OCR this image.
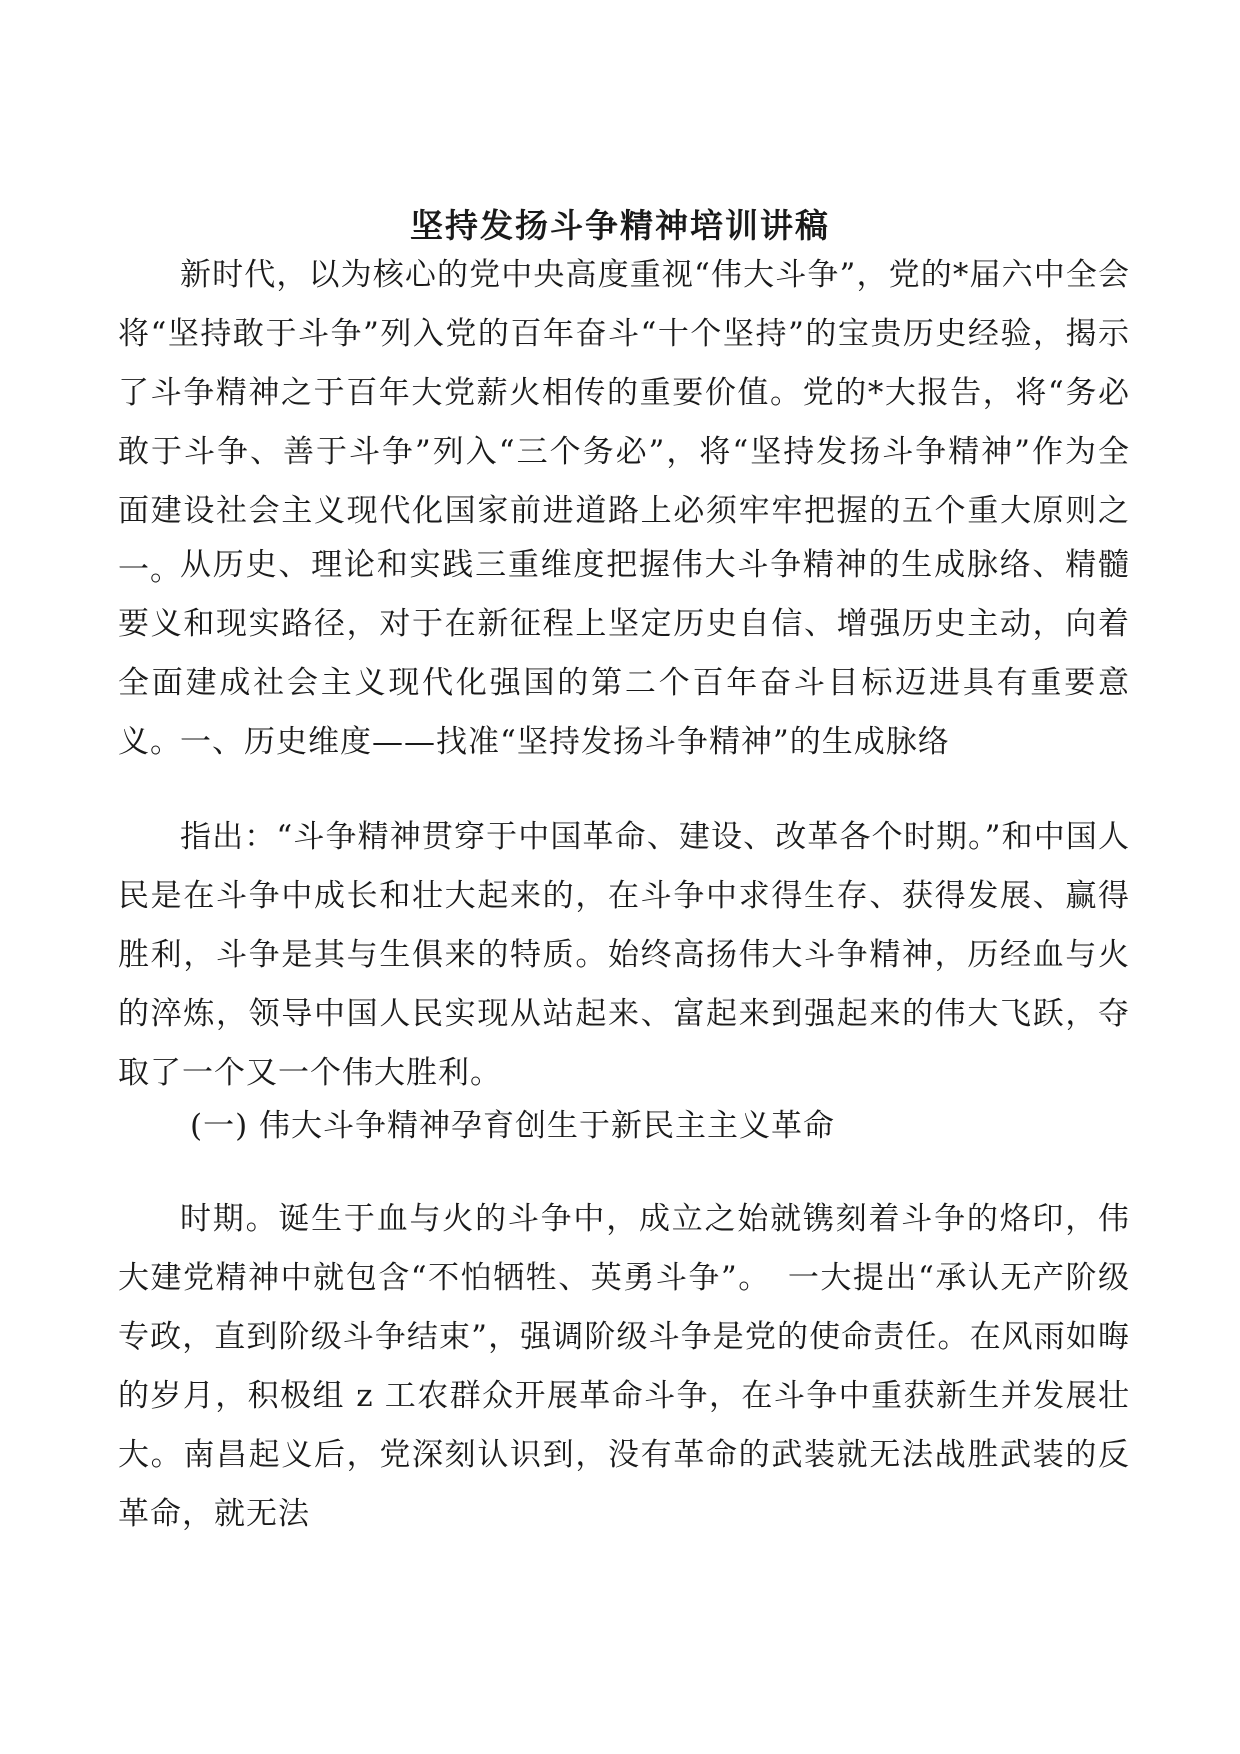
坚持发扬斗争精神培训讲稿

新时代，以为核心的党中央高度重视“伟大斗争”，党的*届六中全会将“坚持敢于斗争”列入党的百年奋斗“十个坚持”的宝贵历史经验，揭示了斗争精神之于百年大党薪火相传的重要价值。党的*大报告，将“务必敢于斗争、善于斗争”列入“三个务必”，将“坚持发扬斗争精神”作为全面建设社会主义现代化国家前进道路上必须牢牢把握的五个重大原则之一。

从历史、理论和实践三重维度把握伟大斗争精神的生成脉络、精髓要义和现实路径，对于在新征程上坚定历史自信、增强历史主动，向着全面建成社会主义现代化强国的第二个百年奋斗目标迈进具有重要意义。

一、历史维度——找准“坚持发扬斗争精神”的生成脉络

指出：“斗争精神贯穿于中国革命、建设、改革各个时期。”和中国人民是在斗争中成长和壮大起来的，在斗争中求得生存、获得发展、赢得胜利，斗争是其与生俱来的特质。始终高扬伟大斗争精神，历经血与火的淬炼，领导中国人民实现从站起来、富起来到强起来的伟大飞跃，夺取了一个又一个伟大胜利。

(一) 伟大斗争精神孕育创生于新民主主义革命

时期。诞生于血与火的斗争中，成立之始就镌刻着斗争的烙印，伟大建党精神中就包含“不怕牺牲、英勇斗争”。　一大提出“承认无产阶级专政，直到阶级斗争结束”，强调阶级斗争是党的使命责任。在风雨如晦的岁月，积极组 z 工农群众开展革命斗争，在斗争中重获新生并发展壮大。南昌起义后，党深刻认识到，没有革命的武装就无法战胜武装的反革命，就无法
